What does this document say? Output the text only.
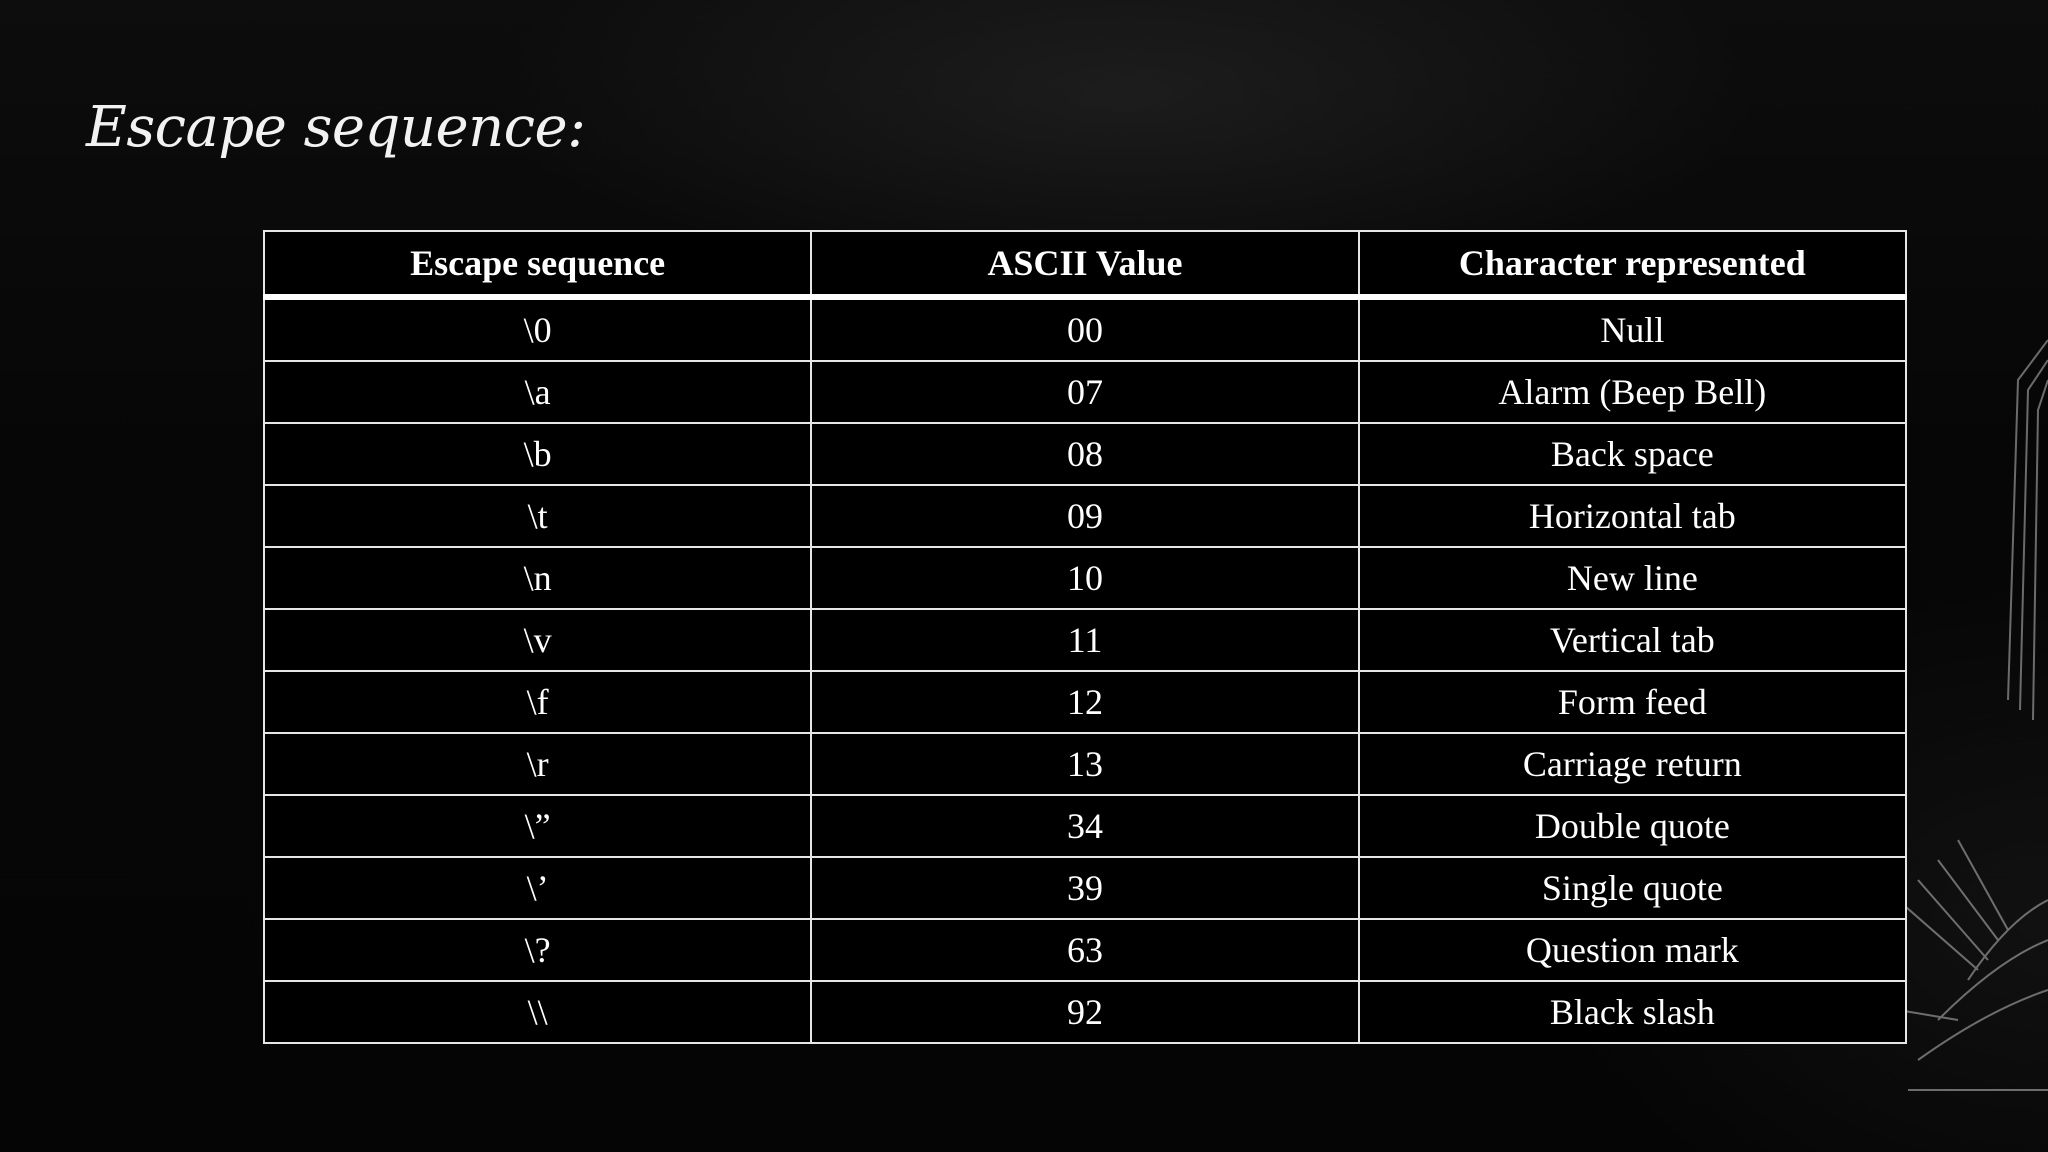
Escape sequence:
Escape sequence	ASCII Value	Character represented
\0	00	Null
\a	07	Alarm (Beep Bell)
\b	08	Back space
\t	09	Horizontal tab
\n	10	New line
\v	11	Vertical tab
\f	12	Form feed
\r	13	Carriage return
\”	34	Double quote
\’	39	Single quote
\?	63	Question mark
\\	92	Black slash
